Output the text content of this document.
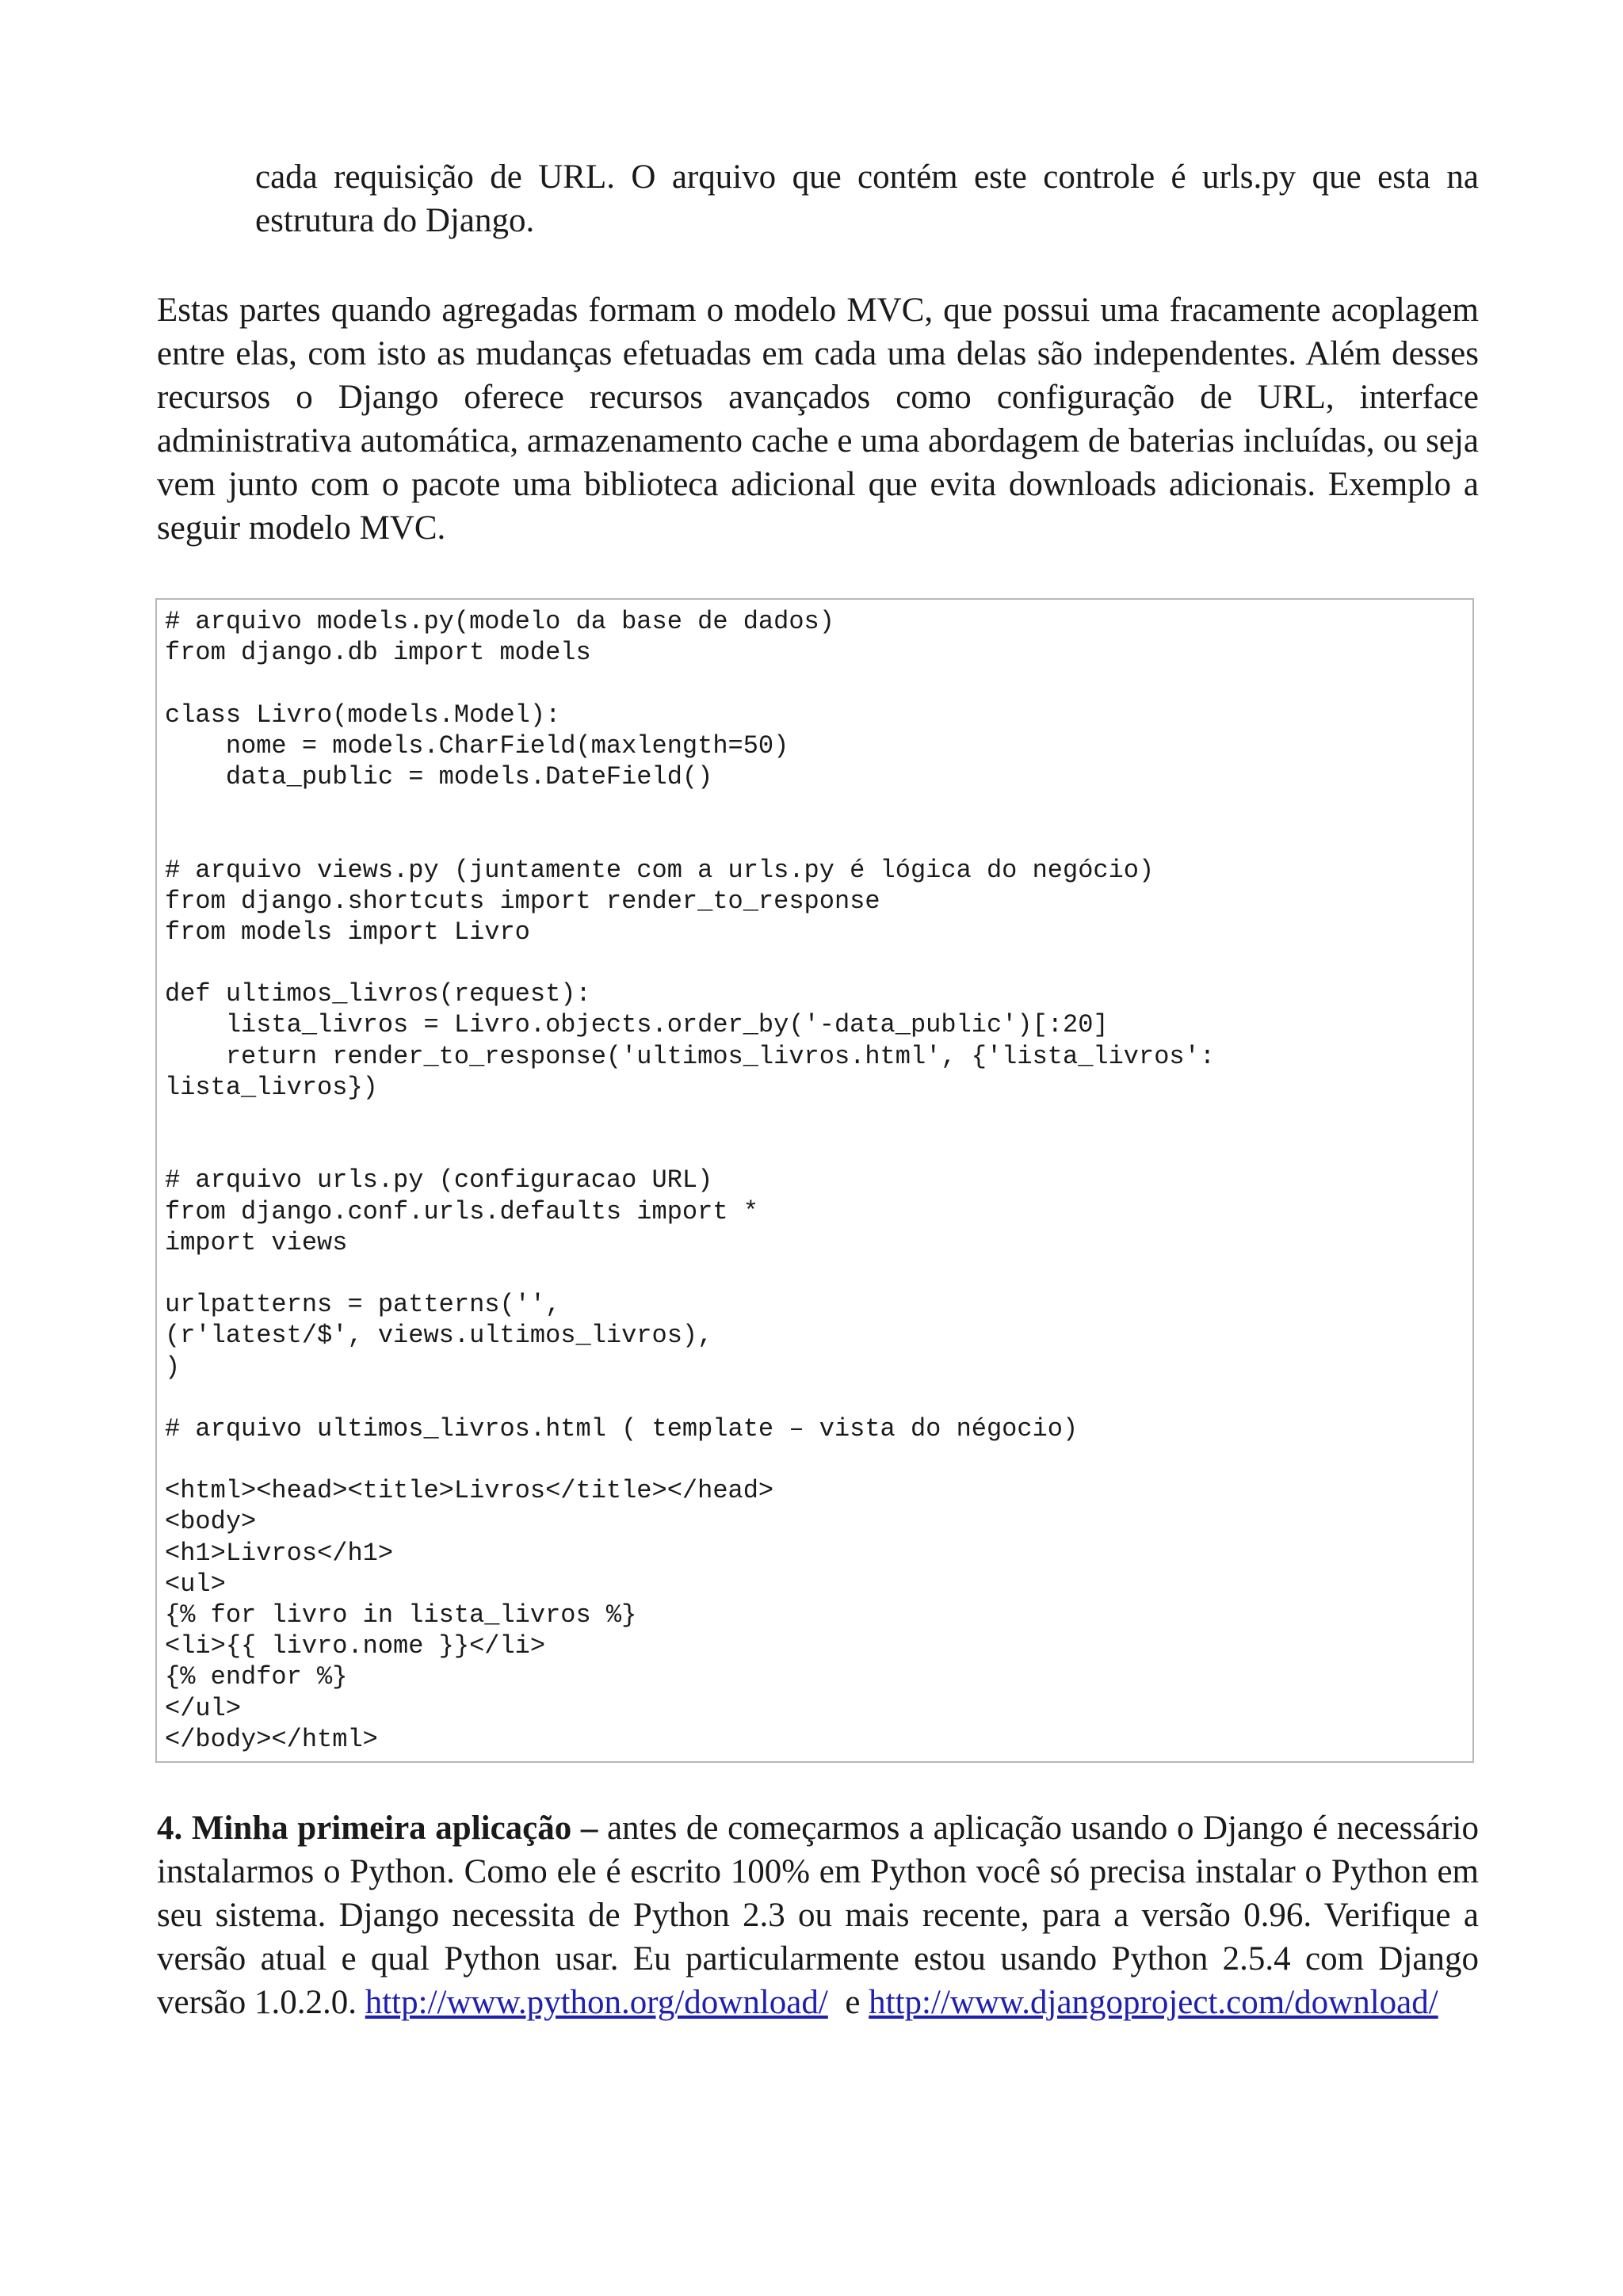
cada requisição de URL. O arquivo que contém este controle é urls.py que esta na estrutura do Django.

Estas partes quando agregadas formam o modelo MVC, que possui uma fracamente acoplagem entre elas, com isto as mudanças efetuadas em cada uma delas são independentes. Além desses recursos o Django oferece recursos avançados como configuração de URL, interface administrativa automática, armazenamento cache e uma abordagem de baterias incluídas, ou seja vem junto com o pacote uma biblioteca adicional que evita downloads adicionais. Exemplo a seguir modelo MVC.

# arquivo models.py(modelo da base de dados)
from django.db import models
class Livro(models.Model):
nome = models.CharField(maxlength=50)
data_public = models.DateField()
# arquivo views.py (juntamente com a urls.py é lógica do negócio)
from django.shortcuts import render_to_response
from models import Livro
def ultimos_livros(request):
lista_livros = Livro.objects.order_by('-data_public')[:20]
return render_to_response('ultimos_livros.html', {'lista_livros':
lista_livros})
# arquivo urls.py (configuracao URL)
from django.conf.urls.defaults import *
import views
urlpatterns = patterns('',
(r'latest/$', views.ultimos_livros),
)
# arquivo ultimos_livros.html ( template – vista do négocio)
<html><head><title>Livros</title></head>
<body>
<h1>Livros</h1>
<ul>
{% for livro in lista_livros %}
<li>{{ livro.nome }}</li>
{% endfor %}
</ul>
</body></html>

4. Minha primeira aplicação – antes de começarmos a aplicação usando o Django é necessário instalarmos o Python. Como ele é escrito 100% em Python você só precisa instalar o Python em seu sistema. Django necessita de Python 2.3 ou mais recente, para a versão 0.96. Verifique a versão atual e qual Python usar. Eu particularmente estou usando Python 2.5.4 com Django versão 1.0.2.0. http://www.python.org/download/  e http://www.djangoproject.com/download/
